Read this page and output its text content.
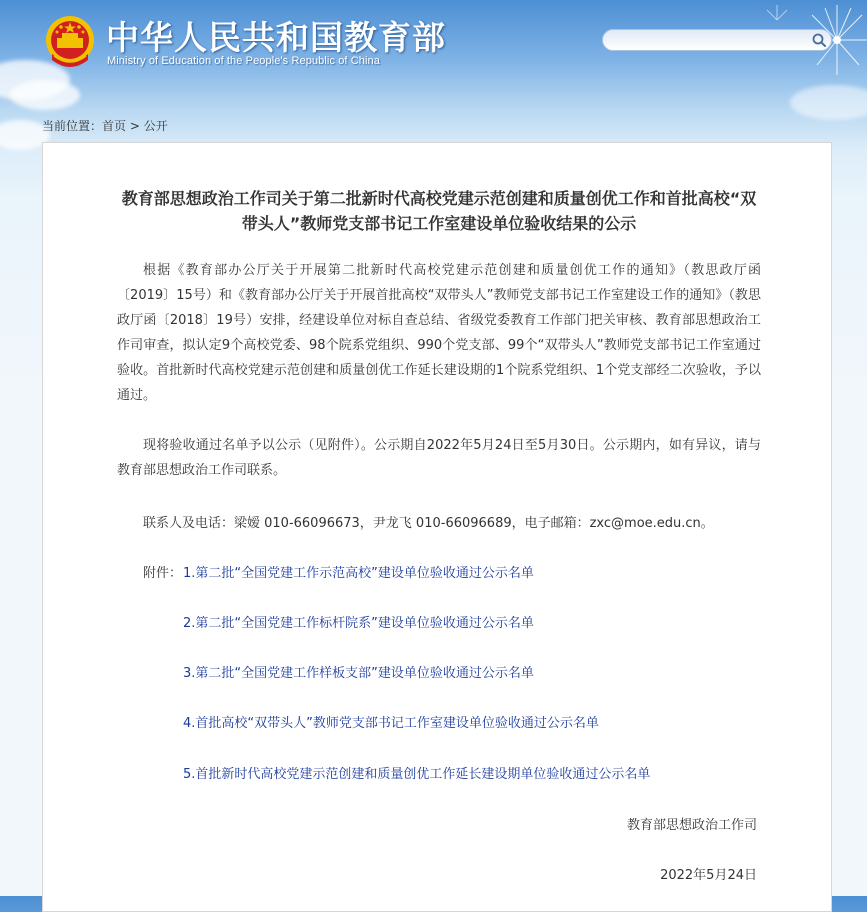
中华人民共和国教育部
Ministry of Education of the People's Republic of China
当前位置：首页 > 公开
教育部思想政治工作司关于第二批新时代高校党建示范创建和质量创优工作和首批高校“双带头人”教师党支部书记工作室建设单位验收结果的公示

根据《教育部办公厅关于开展第二批新时代高校党建示范创建和质量创优工作的通知》（教思政厅函〔2019〕15号）和《教育部办公厅关于开展首批高校“双带头人”教师党支部书记工作室建设工作的通知》（教思政厅函〔2018〕19号）安排，经建设单位对标自查总结、省级党委教育工作部门把关审核、教育部思想政治工作司审查，拟认定9个高校党委、98个院系党组织、990个党支部、99个“双带头人”教师党支部书记工作室通过验收。首批新时代高校党建示范创建和质量创优工作延长建设期的1个院系党组织、1个党支部经二次验收，予以通过。

现将验收通过名单予以公示（见附件）。公示期自2022年5月24日至5月30日。公示期内，如有异议，请与教育部思想政治工作司联系。

联系人及电话：梁嫒 010-66096673，尹龙飞 010-66096689，电子邮箱：zxc@moe.edu.cn。
附件： 1.第二批“全国党建工作示范高校”建设单位验收通过公示名单
2.第二批“全国党建工作标杆院系”建设单位验收通过公示名单
3.第二批“全国党建工作样板支部”建设单位验收通过公示名单
4.首批高校“双带头人”教师党支部书记工作室建设单位验收通过公示名单
5.首批新时代高校党建示范创建和质量创优工作延长建设期单位验收通过公示名单
教育部思想政治工作司
2022年5月24日
